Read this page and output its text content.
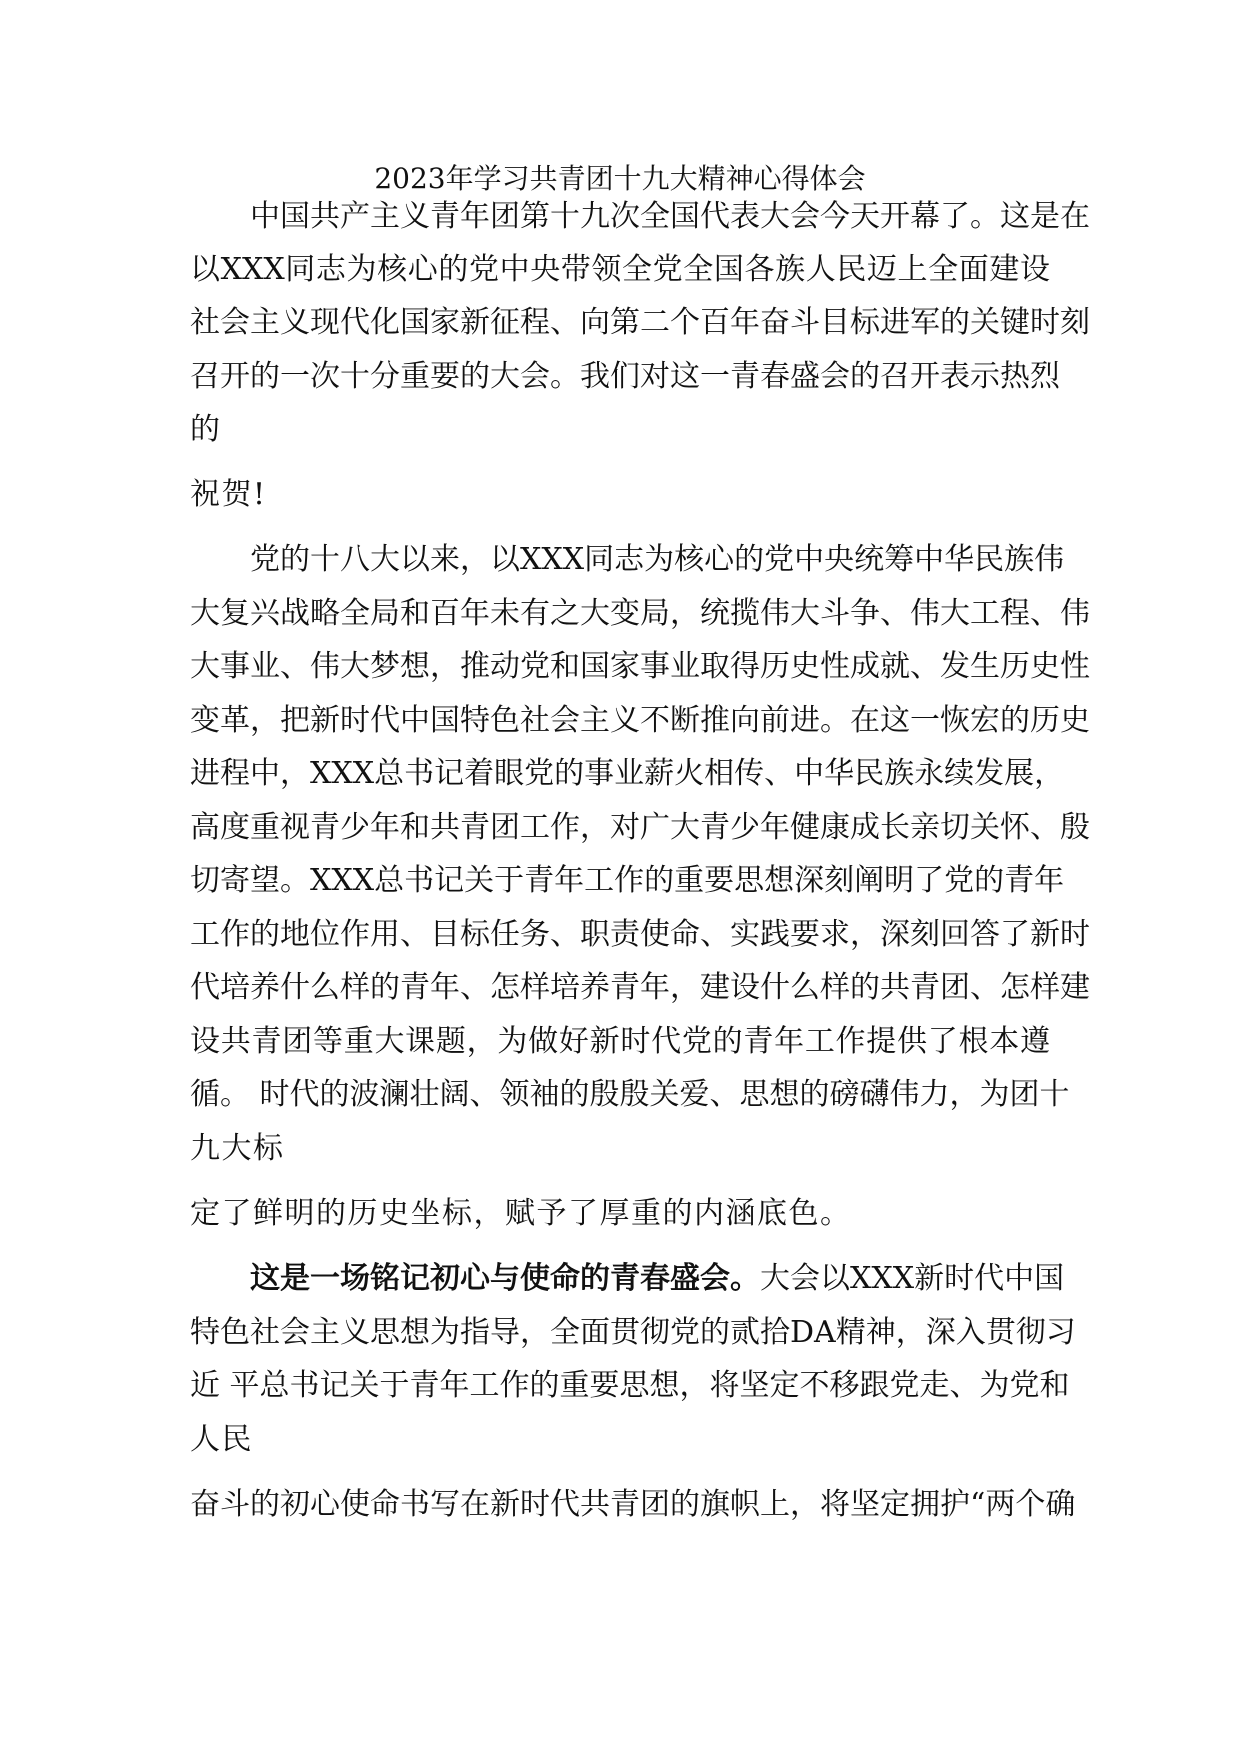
2023年学习共青团十九大精神心得体会
中国共产主义青年团第十九次全国代表大会今天开幕了。这是在
以XXX同志为核心的党中央带领全党全国各族人民迈上全面建设
社会主义现代化国家新征程、向第二个百年奋斗目标进军的关键时刻
召开的一次十分重要的大会。我们对这一青春盛会的召开表示热烈
的
祝贺!
党的十八大以来，以XXX同志为核心的党中央统筹中华民族伟
大复兴战略全局和百年未有之大变局，统揽伟大斗争、伟大工程、伟
大事业、伟大梦想，推动党和国家事业取得历史性成就、发生历史性
变革，把新时代中国特色社会主义不断推向前进。在这一恢宏的历史
进程中，XXX总书记着眼党的事业薪火相传、中华民族永续发展，
高度重视青少年和共青团工作，对广大青少年健康成长亲切关怀、殷
切寄望。XXX总书记关于青年工作的重要思想深刻阐明了党的青年
工作的地位作用、目标任务、职责使命、实践要求，深刻回答了新时
代培养什么样的青年、怎样培养青年，建设什么样的共青团、怎样建
设共青团等重大课题，为做好新时代党的青年工作提供了根本遵
循。 时代的波澜壮阔、领袖的殷殷关爱、思想的磅礴伟力，为团十
九大标
定了鲜明的历史坐标，赋予了厚重的内涵底色。
这是一场铭记初心与使命的青春盛会。大会以XXX新时代中国
特色社会主义思想为指导，全面贯彻党的贰拾DA精神，深入贯彻习
近 平总书记关于青年工作的重要思想，将坚定不移跟党走、为党和
人民
奋斗的初心使命书写在新时代共青团的旗帜上，将坚定拥护“两个确
